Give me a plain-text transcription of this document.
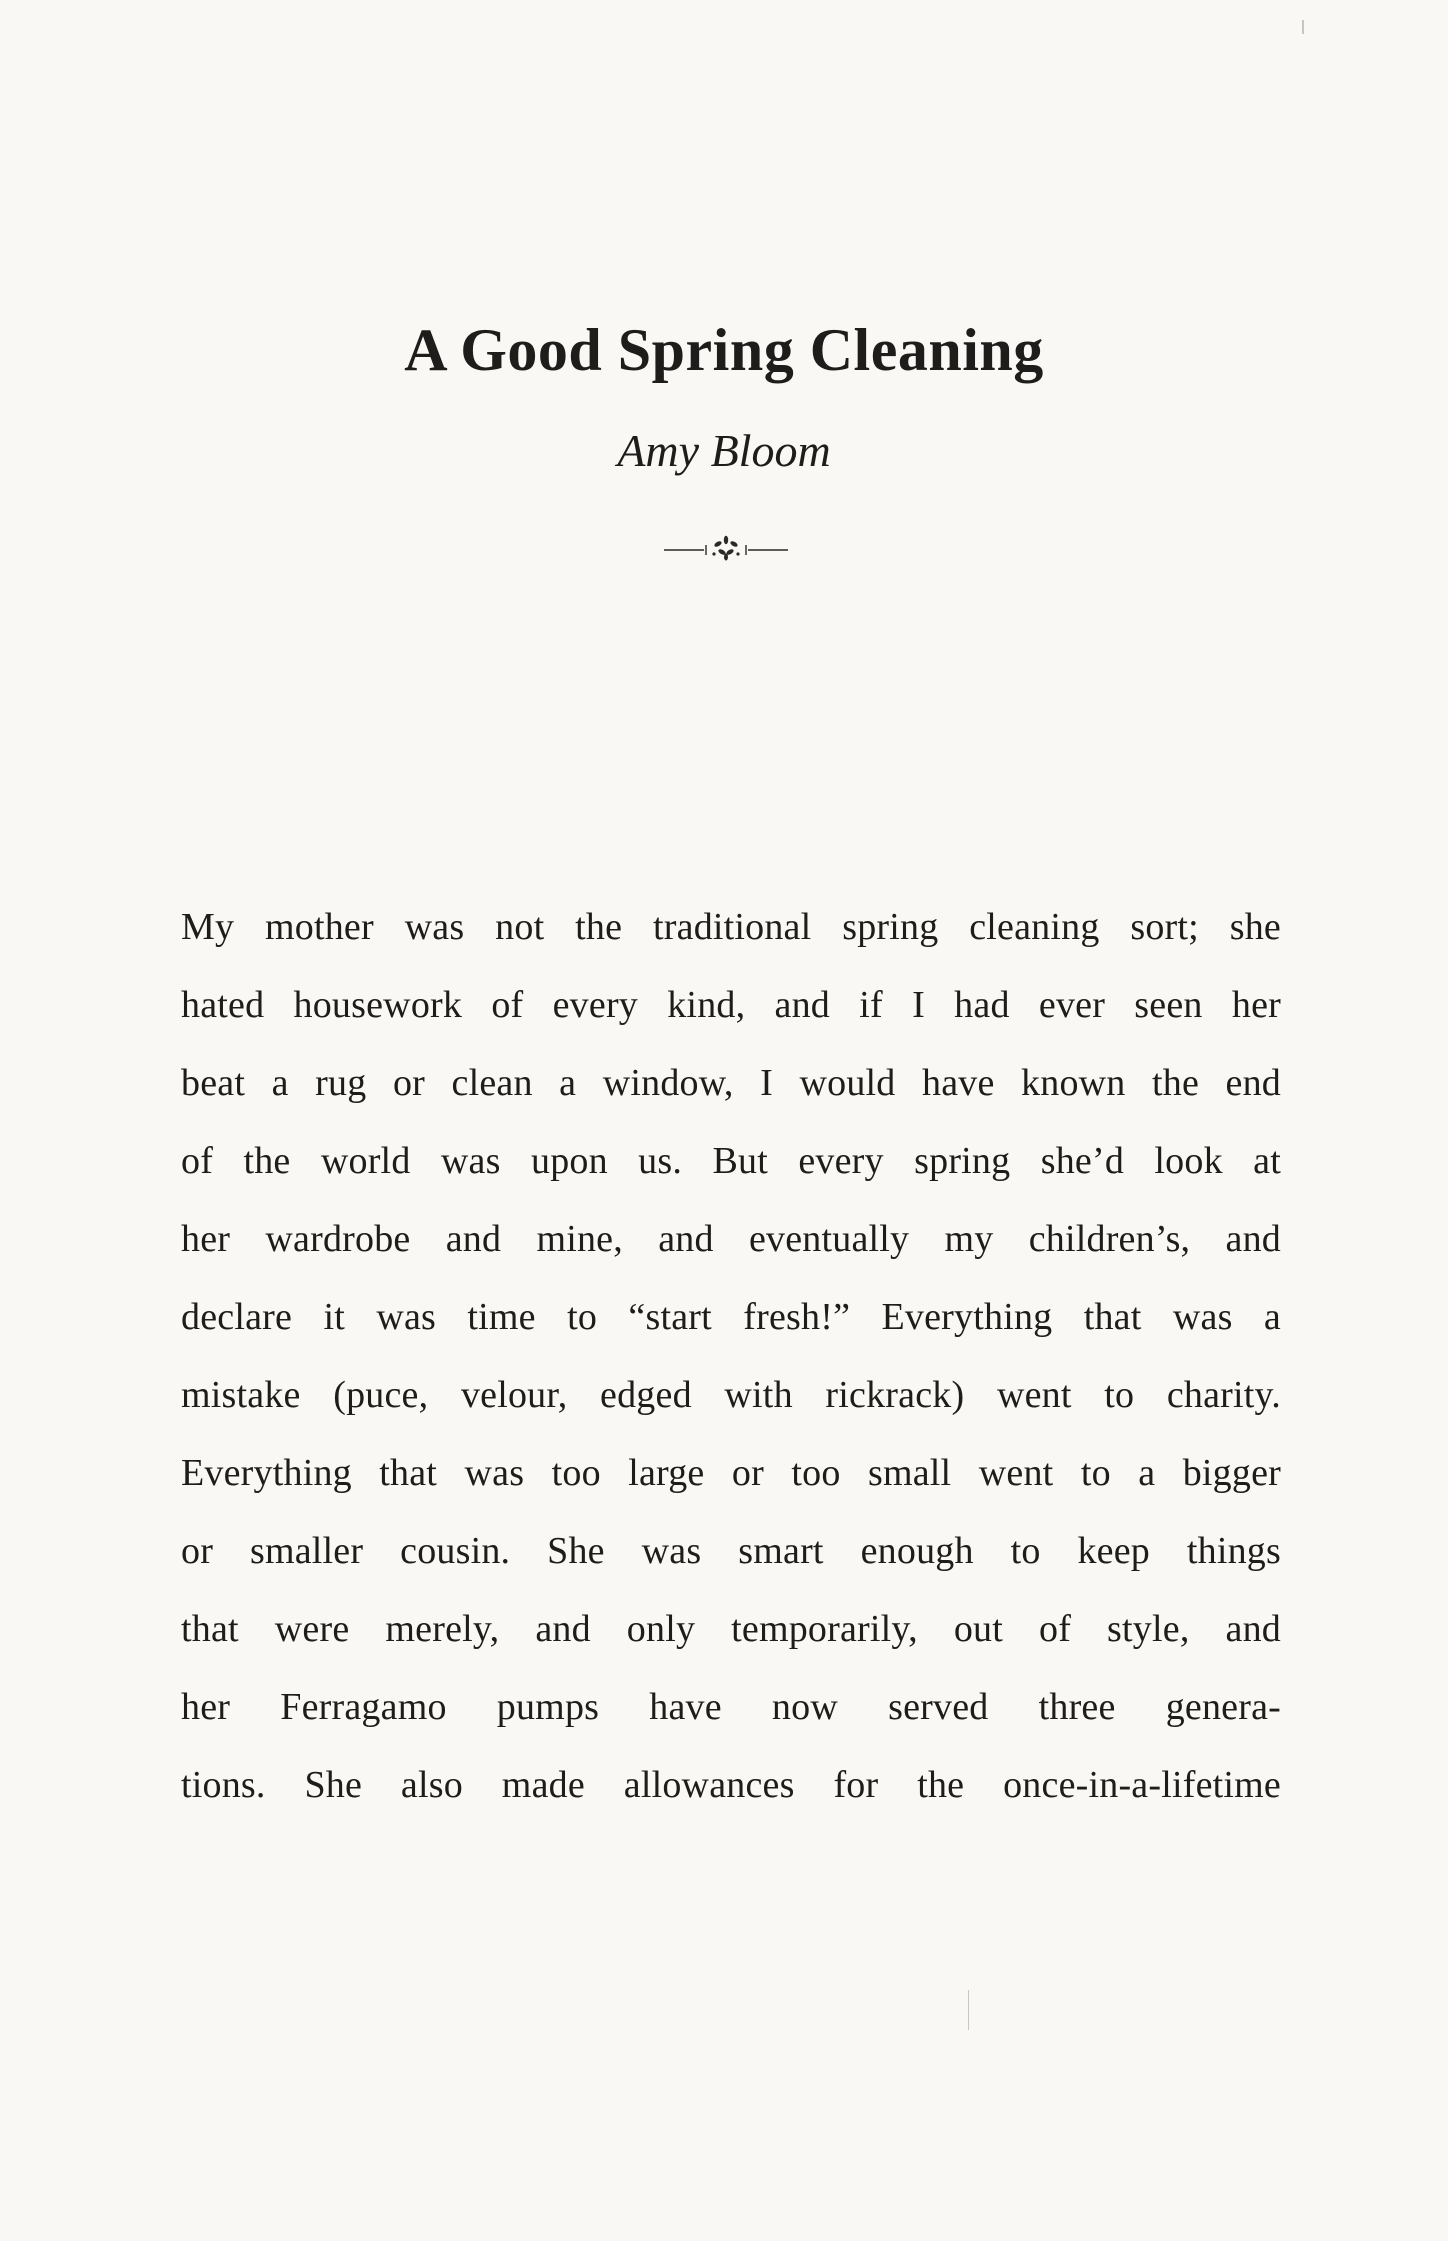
A Good Spring Cleaning
Amy Bloom
My mother was not the traditional spring cleaning sort; she
hated housework of every kind, and if I had ever seen her
beat a rug or clean a window, I would have known the end
of the world was upon us. But every spring she’d look at
her wardrobe and mine, and eventually my children’s, and
declare it was time to “start fresh!” Everything that was a
mistake (puce, velour, edged with rickrack) went to charity.
Everything that was too large or too small went to a bigger
or smaller cousin. She was smart enough to keep things
that were merely, and only temporarily, out of style, and
her Ferragamo pumps have now served three genera-
tions. She also made allowances for the once-in-a-lifetime
